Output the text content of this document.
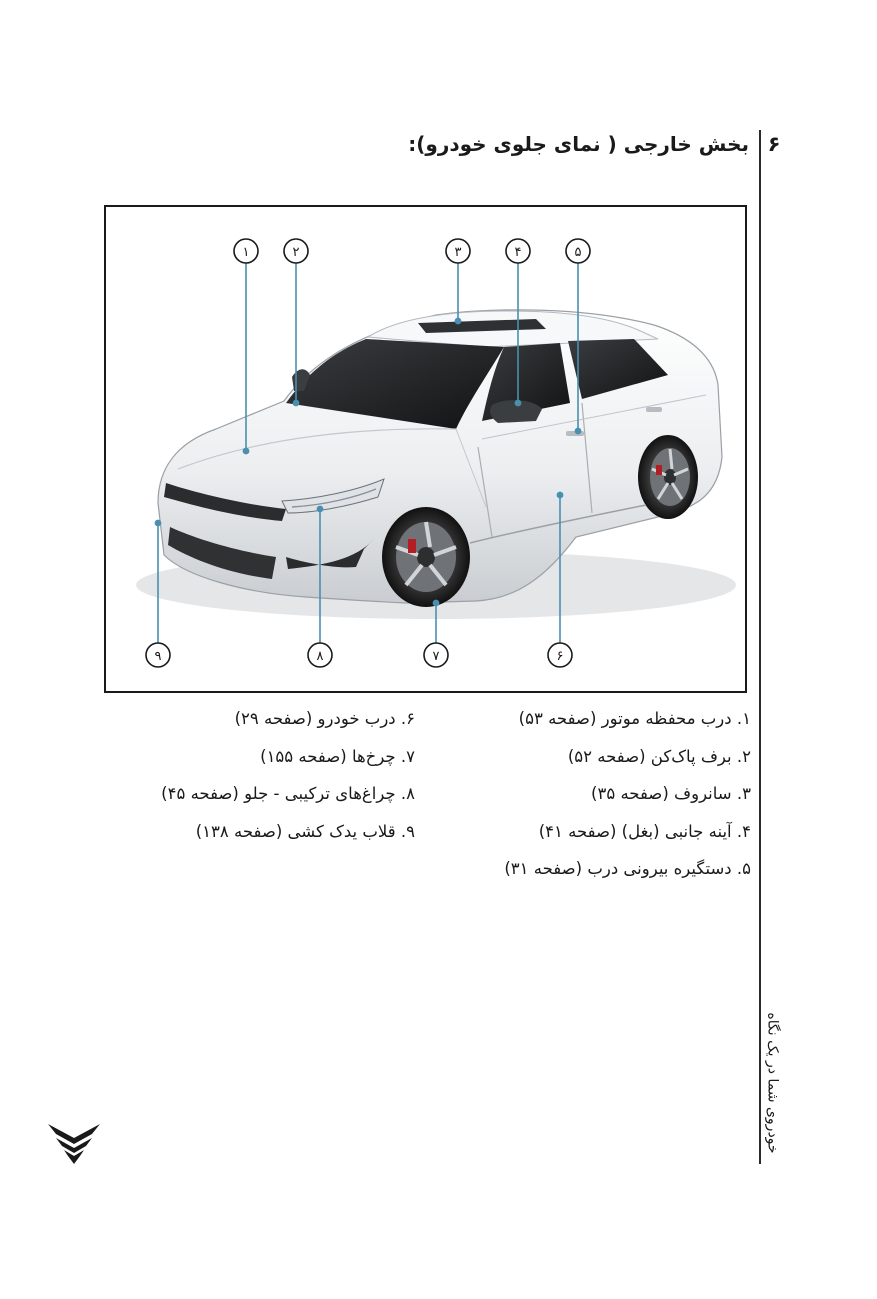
۶
بخش خارجی ( نمای جلوی خودرو):
۱	۲	۳	۴	۵
۶
۷
۸
۹
۱. درب محفظه موتور (صفحه ۵۳)
۲. برف پاک‌کن (صفحه ۵۲)
۳. سانروف (صفحه ۳۵)
۴. آینه جانبی (بغل) (صفحه ۴۱)
۵. دستگیره بیرونی درب (صفحه ۳۱)
۶. درب خودرو (صفحه ۲۹)
۷. چرخ‌ها (صفحه ۱۵۵)
۸. چراغ‌های ترکیبی - جلو (صفحه ۴۵)
۹. قلاب یدک کشی (صفحه ۱۳۸)
خودروی شما در یک نگاه
